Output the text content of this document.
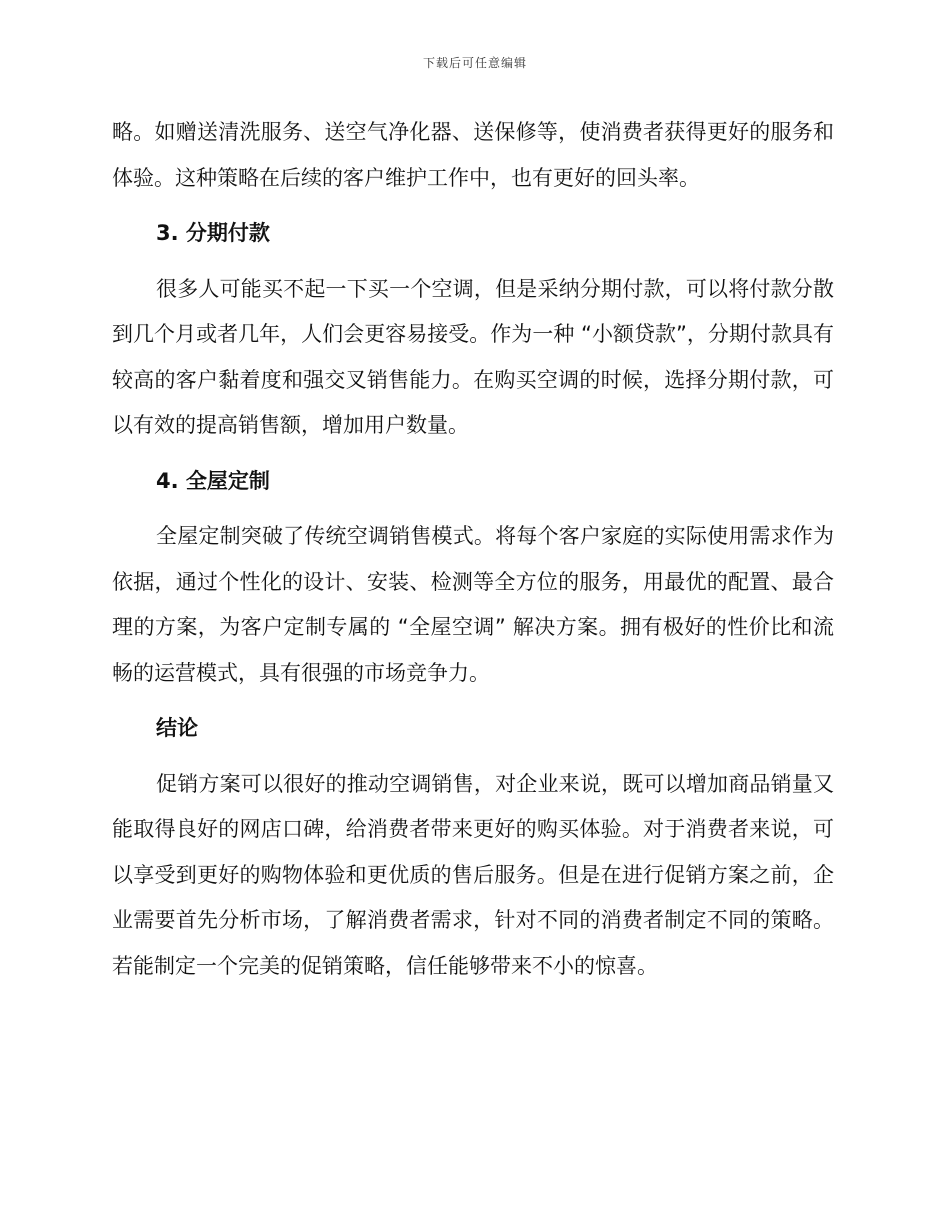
下载后可任意编辑

略。如赠送清洗服务、送空气净化器、送保修等，使消费者获得更好的服务和体验。这种策略在后续的客户维护工作中，也有更好的回头率。

3. 分期付款

很多人可能买不起一下买一个空调，但是采纳分期付款，可以将付款分散到几个月或者几年，人们会更容易接受。作为一种 “小额贷款”，分期付款具有较高的客户黏着度和强交叉销售能力。在购买空调的时候，选择分期付款，可以有效的提高销售额，增加用户数量。

4. 全屋定制

全屋定制突破了传统空调销售模式。将每个客户家庭的实际使用需求作为依据，通过个性化的设计、安装、检测等全方位的服务，用最优的配置、最合理的方案，为客户定制专属的 “全屋空调” 解决方案。拥有极好的性价比和流畅的运营模式，具有很强的市场竞争力。

结论

促销方案可以很好的推动空调销售，对企业来说，既可以增加商品销量又能取得良好的网店口碑，给消费者带来更好的购买体验。对于消费者来说，可以享受到更好的购物体验和更优质的售后服务。但是在进行促销方案之前，企业需要首先分析市场，了解消费者需求，针对不同的消费者制定不同的策略。若能制定一个完美的促销策略，信任能够带来不小的惊喜。
